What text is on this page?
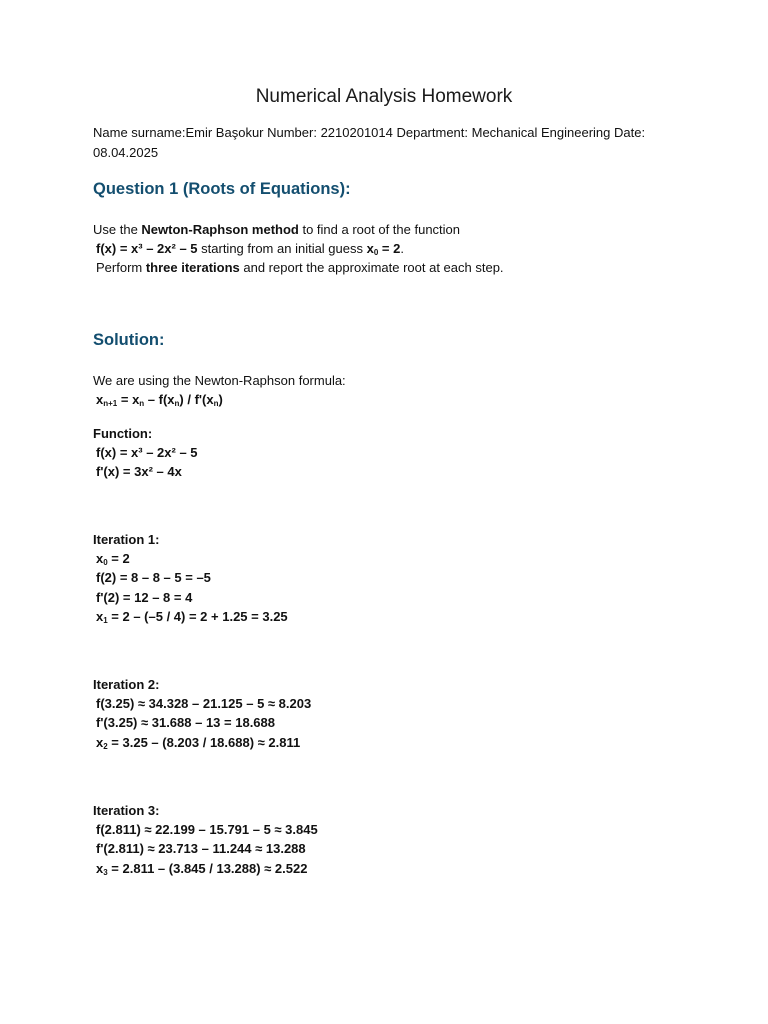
Numerical Analysis Homework
Name surname:Emir Başokur Number: 2210201014 Department: Mechanical Engineering Date:
08.04.2025
Question 1 (Roots of Equations):

Use the Newton-Raphson method to find a root of the function

f(x) = x³ – 2x² – 5 starting from an initial guess $x_0 = 2$.

Perform three iterations and report the approximate root at each step.

Solution:

We are using the Newton-Raphson formula:

$x_{n+1} = x_n - f(x_n) / f'(x_n)$

Function:

f(x) = x³ – 2x² – 5

f'(x) = 3x² – 4x

Iteration 1:

$x_0 = 2$

f(2) = 8 – 8 – 5 = –5

f'(2) = 12 – 8 = 4

$x_1 = 2 - (-5 / 4) = 2 + 1.25 = 3.25$

Iteration 2:

f(3.25) ≈ 34.328 – 21.125 – 5 ≈ 8.203

f'(3.25) ≈ 31.688 – 13 = 18.688

$x_2 = 3.25 - (8.203 / 18.688) \approx 2.811$

Iteration 3:

f(2.811) ≈ 22.199 – 15.791 – 5 ≈ 3.845

f'(2.811) ≈ 23.713 – 11.244 ≈ 13.288

$x_3 = 2.811 - (3.845 / 13.288) \approx 2.522$
